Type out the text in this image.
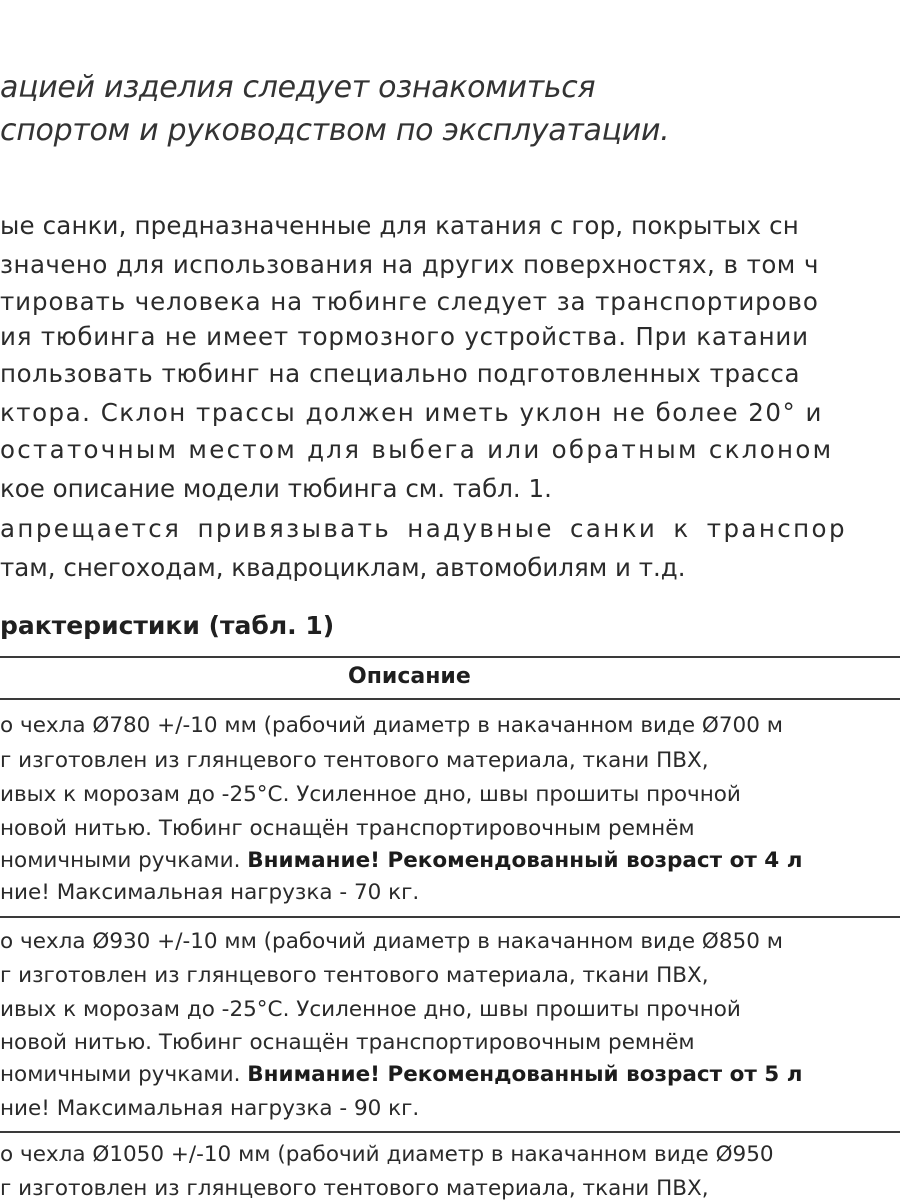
ацией изделия следует ознакомиться

спортом и руководством по эксплуатации.

ые санки, предназначенные для катания с гор, покрытых сн

значено для использования на других поверхностях, в том ч

тировать человека на тюбинге следует за транспортирово

ия тюбинга не имеет тормозного устройства. При катании

пользовать тюбинг на специально подготовленных трасса

ктора. Склон трассы должен иметь уклон не более 20° и

остаточным местом для выбега или обратным склоном

кое описание модели тюбинга см. табл. 1.

апрещается привязывать надувные санки к транспор

там, снегоходам, квадроциклам, автомобилям и т.д.

рактеристики (табл. 1)

Описание

о чехла Ø780 +/-10 мм (рабочий диаметр в накачанном виде Ø700 м

г изготовлен из глянцевого тентового материала, ткани ПВХ,

ивых к морозам до -25°С. Усиленное дно, швы прошиты прочной

новой нитью. Тюбинг оснащён транспортировочным ремнём

номичными ручками. Внимание! Рекомендованный возраст от 4 л

ние! Максимальная нагрузка - 70 кг.

о чехла Ø930 +/-10 мм (рабочий диаметр в накачанном виде Ø850 м

г изготовлен из глянцевого тентового материала, ткани ПВХ,

ивых к морозам до -25°С. Усиленное дно, швы прошиты прочной

новой нитью. Тюбинг оснащён транспортировочным ремнём

номичными ручками. Внимание! Рекомендованный возраст от 5 л

ние! Максимальная нагрузка - 90 кг.

о чехла Ø1050 +/-10 мм (рабочий диаметр в накачанном виде Ø950

г изготовлен из глянцевого тентового материала, ткани ПВХ,
